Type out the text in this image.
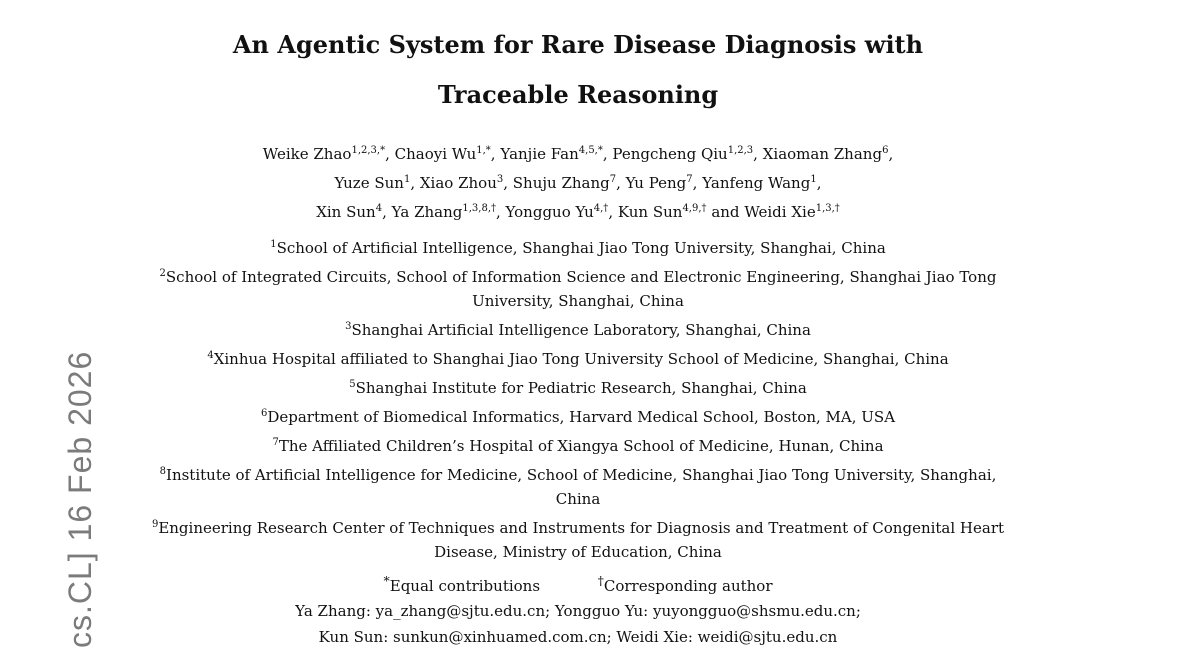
cs.CL] 16 Feb 2026
An Agentic System for Rare Disease Diagnosis with
Traceable Reasoning
Weike Zhao$^{1,2,3,*}$, Chaoyi $Wu^{1,*}$, Yanjie Fan$^{4,5,*}$, Pengcheng Qiu$^{1,2,3}$, Xiaoman Zhang$^6$,
Yuze Sun$^1$, Xiao Zhou$^3$, Shuju Zhang$^7$, Yu Peng$^7$, Yanfeng Wang$^1$,
Xin Sun$^4$, Ya Zhang$^{1,3,8,\dagger}$, Yongguo $Yu^{4,\dagger}$, Kun Sun$^{4,9,\dagger}$ and Weidi Xie$^{1,3,\dagger}$
$^1$School of Artificial Intelligence, Shanghai Jiao Tong University, Shanghai, China
$^2$School of Integrated Circuits, School of Information Science and Electronic Engineering, Shanghai Jiao Tong University, Shanghai, China
$^3$Shanghai Artificial Intelligence Laboratory, Shanghai, China
$^4$Xinhua Hospital affiliated to Shanghai Jiao Tong University School of Medicine, Shanghai, China
$^5$Shanghai Institute for Pediatric Research, Shanghai, China
$^6$Department of Biomedical Informatics, Harvard Medical School, Boston, MA, USA
$^7$The Affiliated Children’s Hospital of Xiangya School of Medicine, Hunan, China
$^8$Institute of Artificial Intelligence for Medicine, School of Medicine, Shanghai Jiao Tong University, Shanghai, China
$^9$Engineering Research Center of Techniques and Instruments for Diagnosis and Treatment of Congenital Heart Disease, Ministry of Education, China
*Equal contributions	†Corresponding author
Ya Zhang: ya_zhang@sjtu.edu.cn; Yongguo Yu: yuyongguo@shsmu.edu.cn;
Kun Sun: sunkun@xinhuamed.com.cn; Weidi Xie: weidi@sjtu.edu.cn
